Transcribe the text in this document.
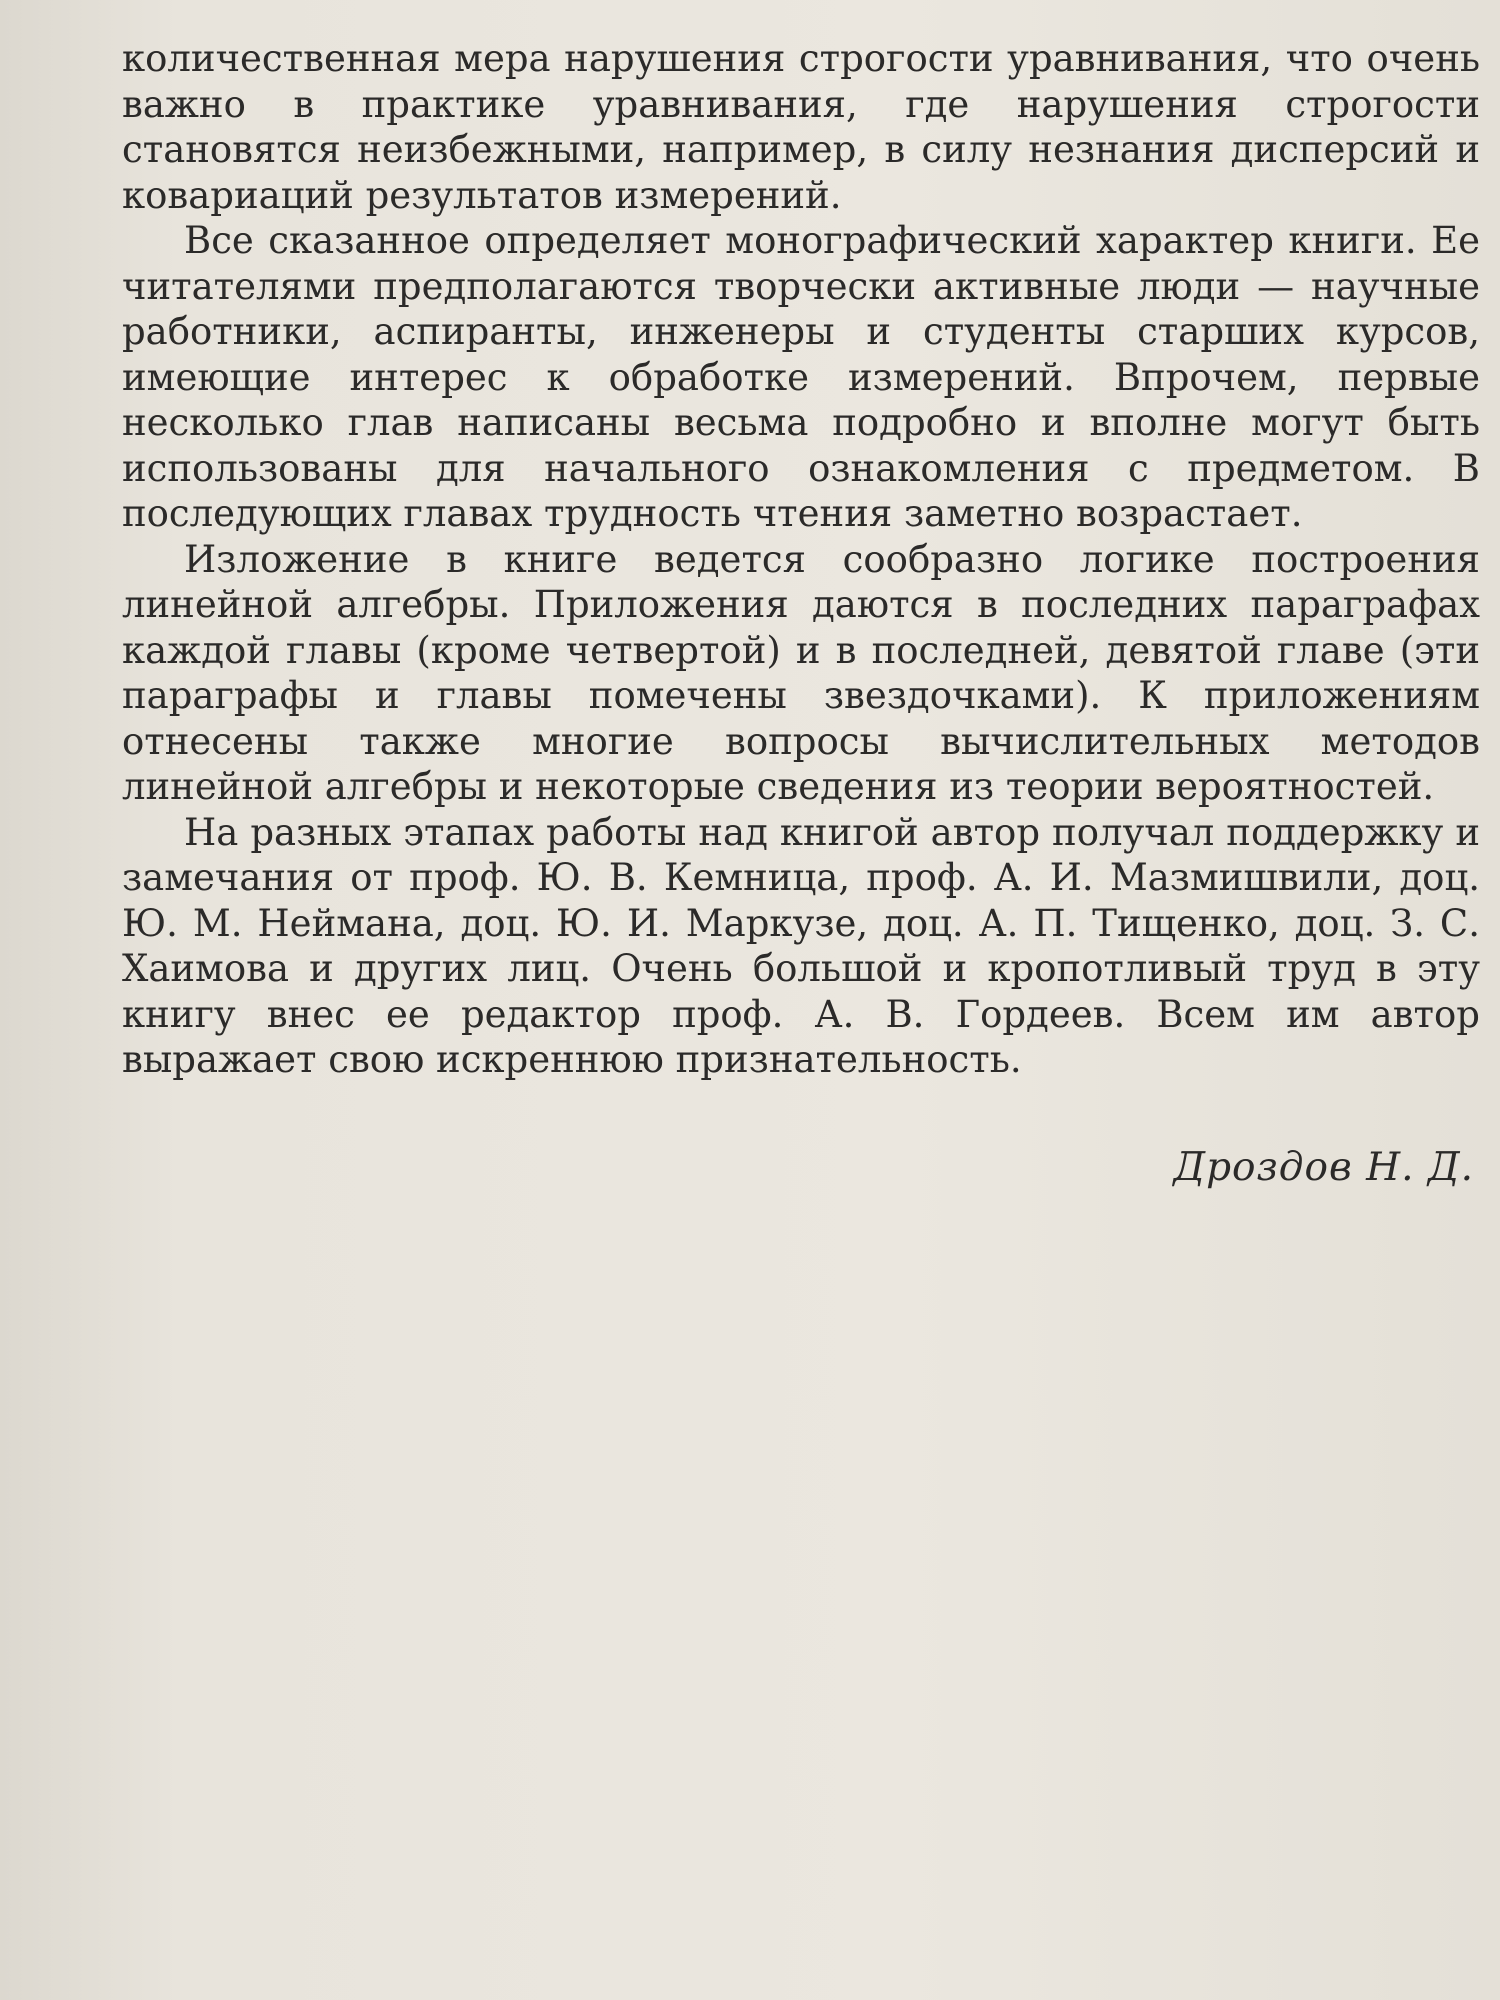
количественная мера нарушения строгости уравнивания, что очень важно в практике уравнивания, где нарушения строгости становятся неизбежными, например, в силу незнания дисперсий и ковариаций результатов измерений.

Все сказанное определяет монографический характер книги. Ее читателями предполагаются творчески активные люди — научные работники, аспиранты, инженеры и студенты старших курсов, имеющие интерес к обработке измерений. Впрочем, первые несколько глав написаны весьма подробно и вполне могут быть использованы для начального ознакомления с предметом. В последующих главах трудность чтения заметно возрастает.

Изложение в книге ведется сообразно логике построения линейной алгебры. Приложения даются в последних параграфах каждой главы (кроме четвертой) и в последней, девятой главе (эти параграфы и главы помечены звездочками). К приложениям отнесены также многие вопросы вычислительных методов линейной алгебры и некоторые сведения из теории вероятностей.

На разных этапах работы над книгой автор получал поддержку и замечания от проф. Ю. В. Кемница, проф. А. И. Мазмишвили, доц. Ю. М. Неймана, доц. Ю. И. Маркузе, доц. А. П. Тищенко, доц. З. С. Хаимова и других лиц. Очень большой и кропотливый труд в эту книгу внес ее редактор проф. А. В. Гордеев. Всем им автор выражает свою искреннюю признательность.

Дроздов Н. Д.
